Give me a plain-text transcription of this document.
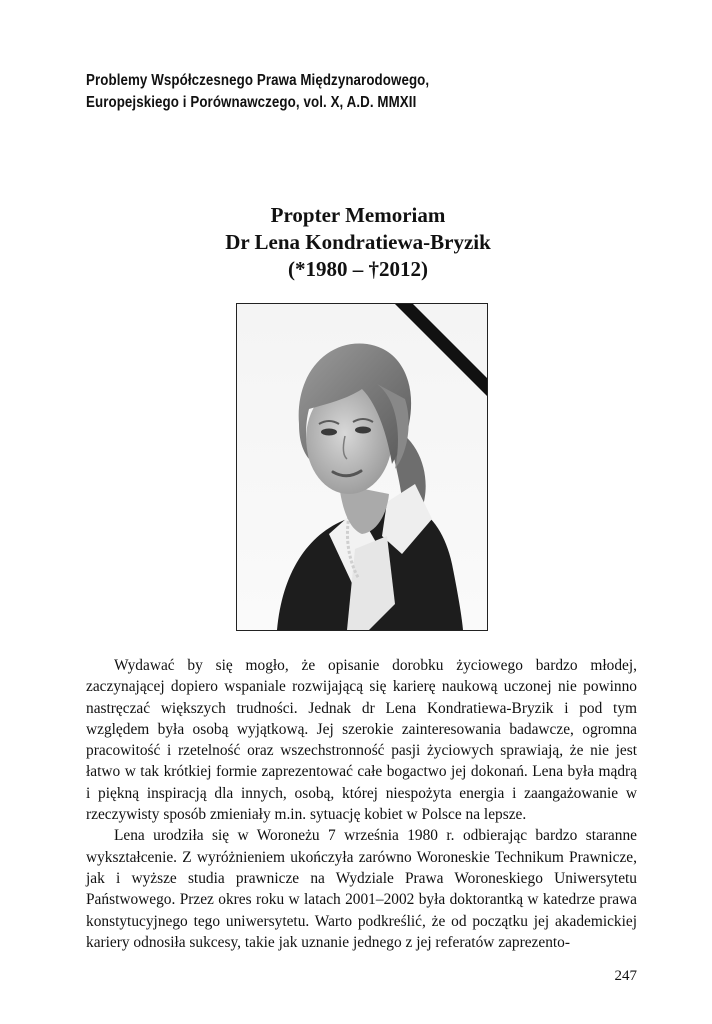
Problemy Współczesnego Prawa Międzynarodowego,
Europejskiego i Porównawczego, vol. X, A.D. MMXII
Propter Memoriam
Dr Lena Kondratiewa-Bryzik
(*1980 – †2012)

Wydawać by się mogło, że opisanie dorobku życiowego bardzo młodej, zaczynającej dopiero wspaniale rozwijającą się karierę naukową uczonej nie powinno nastręczać większych trudności. Jednak dr Lena Kondratiewa-Bryzik i pod tym względem była osobą wyjątkową. Jej szerokie zainteresowania badawcze, ogromna pracowitość i rzetelność oraz wszechstronność pasji życiowych sprawiają, że nie jest łatwo w tak krótkiej formie zaprezentować całe bogactwo jej dokonań. Lena była mądrą i piękną inspiracją dla innych, osobą, której niespożyta energia i zaangażowanie w rzeczywisty sposób zmieniały m.in. sytuację kobiet w Polsce na lepsze.

Lena urodziła się w Woroneżu 7 września 1980 r. odbierając bardzo staranne wykształcenie. Z wyróżnieniem ukończyła zarówno Woroneskie Technikum Prawnicze, jak i wyższe studia prawnicze na Wydziale Prawa Woroneskiego Uniwersytetu Państwowego. Przez okres roku w latach 2001–2002 była doktorantką w katedrze prawa konstytucyjnego tego uniwersytetu. Warto podkreślić, że od początku jej akademickiej kariery odnosiła sukcesy, takie jak uznanie jednego z jej referatów zaprezento-

247
